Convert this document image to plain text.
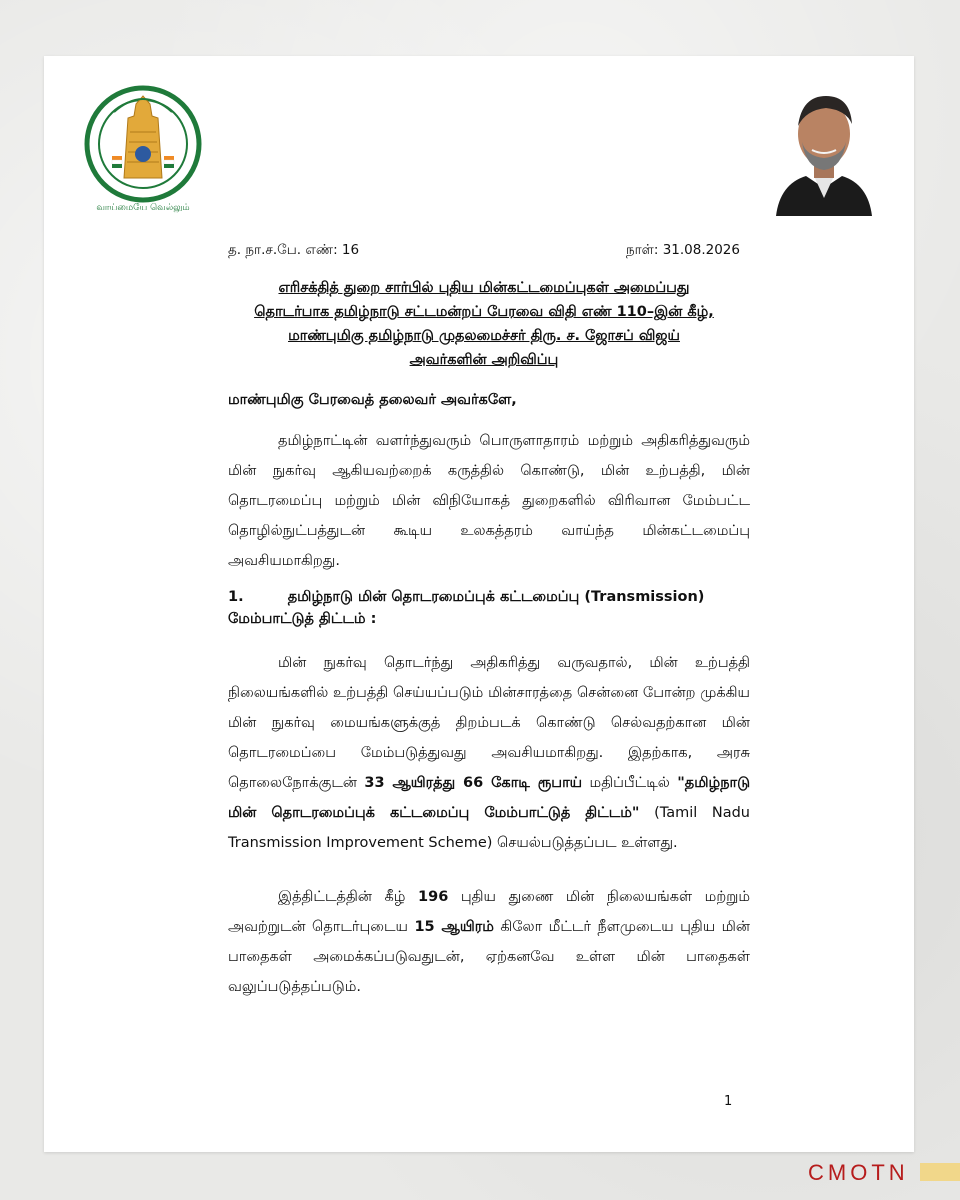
வாய்மையே வெல்லும்
த. நா.ச.பே. எண்: 16	நாள்: 31.08.2026
எரிசக்தித் துறை சார்பில் புதிய மின்கட்டமைப்புகள் அமைப்பது
தொடர்பாக தமிழ்நாடு சட்டமன்றப் பேரவை விதி எண் 110–இன் கீழ்,
மாண்புமிகு தமிழ்நாடு முதலமைச்சர் திரு. ச. ஜோசப் விஜய்
அவர்களின் அறிவிப்பு
மாண்புமிகு பேரவைத் தலைவர் அவர்களே,
தமிழ்நாட்டின் வளர்ந்துவரும் பொருளாதாரம் மற்றும் அதிகரித்துவரும் மின் நுகர்வு ஆகியவற்றைக் கருத்தில் கொண்டு, மின் உற்பத்தி, மின் தொடரமைப்பு மற்றும் மின் விநியோகத் துறைகளில் விரிவான மேம்பட்ட தொழில்நுட்பத்துடன் கூடிய உலகத்தரம் வாய்ந்த மின்கட்டமைப்பு அவசியமாகிறது.
1.	தமிழ்நாடு மின் தொடரமைப்புக் கட்டமைப்பு (Transmission) மேம்பாட்டுத் திட்டம் :
மின் நுகர்வு தொடர்ந்து அதிகரித்து வருவதால், மின் உற்பத்தி நிலையங்களில் உற்பத்தி செய்யப்படும் மின்சாரத்தை சென்னை போன்ற முக்கிய மின் நுகர்வு மையங்களுக்குத் திறம்படக் கொண்டு செல்வதற்கான மின் தொடரமைப்பை மேம்படுத்துவது அவசியமாகிறது. இதற்காக, அரசு தொலைநோக்குடன் 33 ஆயிரத்து 66 கோடி ரூபாய் மதிப்பீட்டில் "தமிழ்நாடு மின் தொடரமைப்புக் கட்டமைப்பு மேம்பாட்டுத் திட்டம்" (Tamil Nadu Transmission Improvement Scheme) செயல்படுத்தப்பட உள்ளது.
இத்திட்டத்தின் கீழ் 196 புதிய துணை மின் நிலையங்கள் மற்றும் அவற்றுடன் தொடர்புடைய 15 ஆயிரம் கிலோ மீட்டர் நீளமுடைய புதிய மின் பாதைகள் அமைக்கப்படுவதுடன், ஏற்கனவே உள்ள மின் பாதைகள் வலுப்படுத்தப்படும்.
1
CMOTN
